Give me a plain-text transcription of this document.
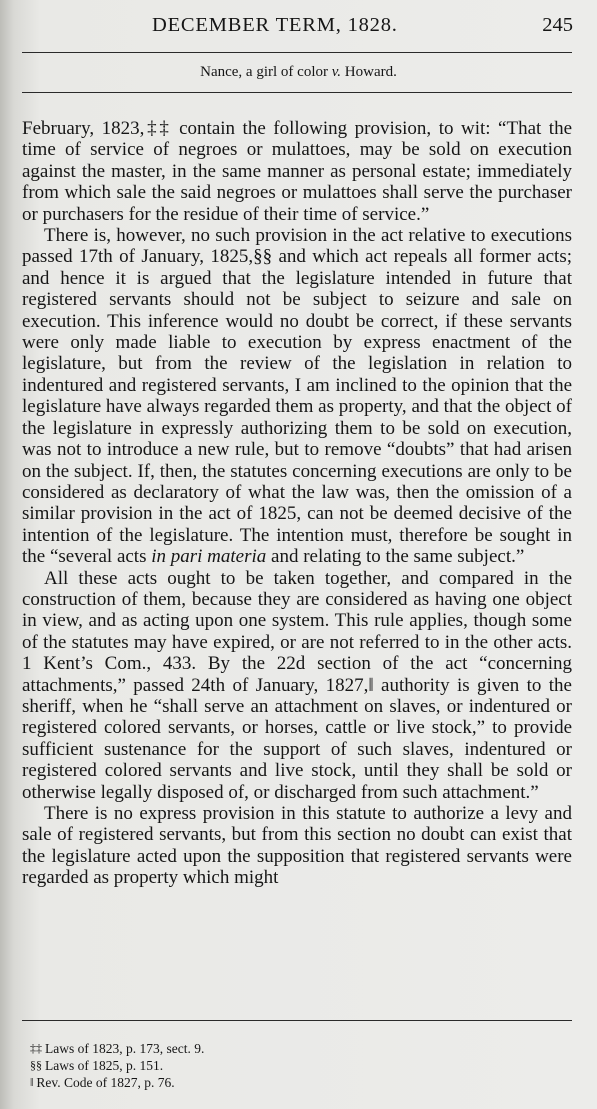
DECEMBER TERM, 1828.	245
Nance, a girl of color v. Howard.

February, 1823,‡‡ contain the following provision, to wit: “That the time of service of negroes or mulattoes, may be sold on execution against the master, in the same manner as personal estate; immediately from which sale the said negroes or mulattoes shall serve the purchaser or purchasers for the residue of their time of service.”

There is, however, no such provision in the act relative to executions passed 17th of January, 1825,§§ and which act repeals all former acts; and hence it is argued that the legislature intended in future that registered servants should not be subject to seizure and sale on execution. This inference would no doubt be correct, if these servants were only made liable to execution by express enactment of the legislature, but from the review of the legislation in relation to indentured and registered servants, I am inclined to the opinion that the legislature have always regarded them as property, and that the object of the legislature in expressly authorizing them to be sold on execution, was not to introduce a new rule, but to remove “doubts” that had arisen on the subject. If, then, the statutes concerning executions are only to be considered as declaratory of what the law was, then the omission of a similar provision in the act of 1825, can not be deemed decisive of the intention of the legislature. The intention must, therefore be sought in the “several acts in pari materia and relating to the same subject.”

All these acts ought to be taken together, and compared in the construction of them, because they are considered as having one object in view, and as acting upon one system. This rule applies, though some of the statutes may have expired, or are not referred to in the other acts. 1 Kent’s Com., 433. By the 22d section of the act “concerning attachments,” passed 24th of January, 1827,‖ authority is given to the sheriff, when he “shall serve an attachment on slaves, or indentured or registered colored servants, or horses, cattle or live stock,” to provide sufficient sustenance for the support of such slaves, indentured or registered colored servants and live stock, until they shall be sold or otherwise legally disposed of, or discharged from such attachment.”

There is no express provision in this statute to authorize a levy and sale of registered servants, but from this section no doubt can exist that the legislature acted upon the supposition that registered servants were regarded as property which might

‡‡ Laws of 1823, p. 173, sect. 9.
§§ Laws of 1825, p. 151.
‖ Rev. Code of 1827, p. 76.
